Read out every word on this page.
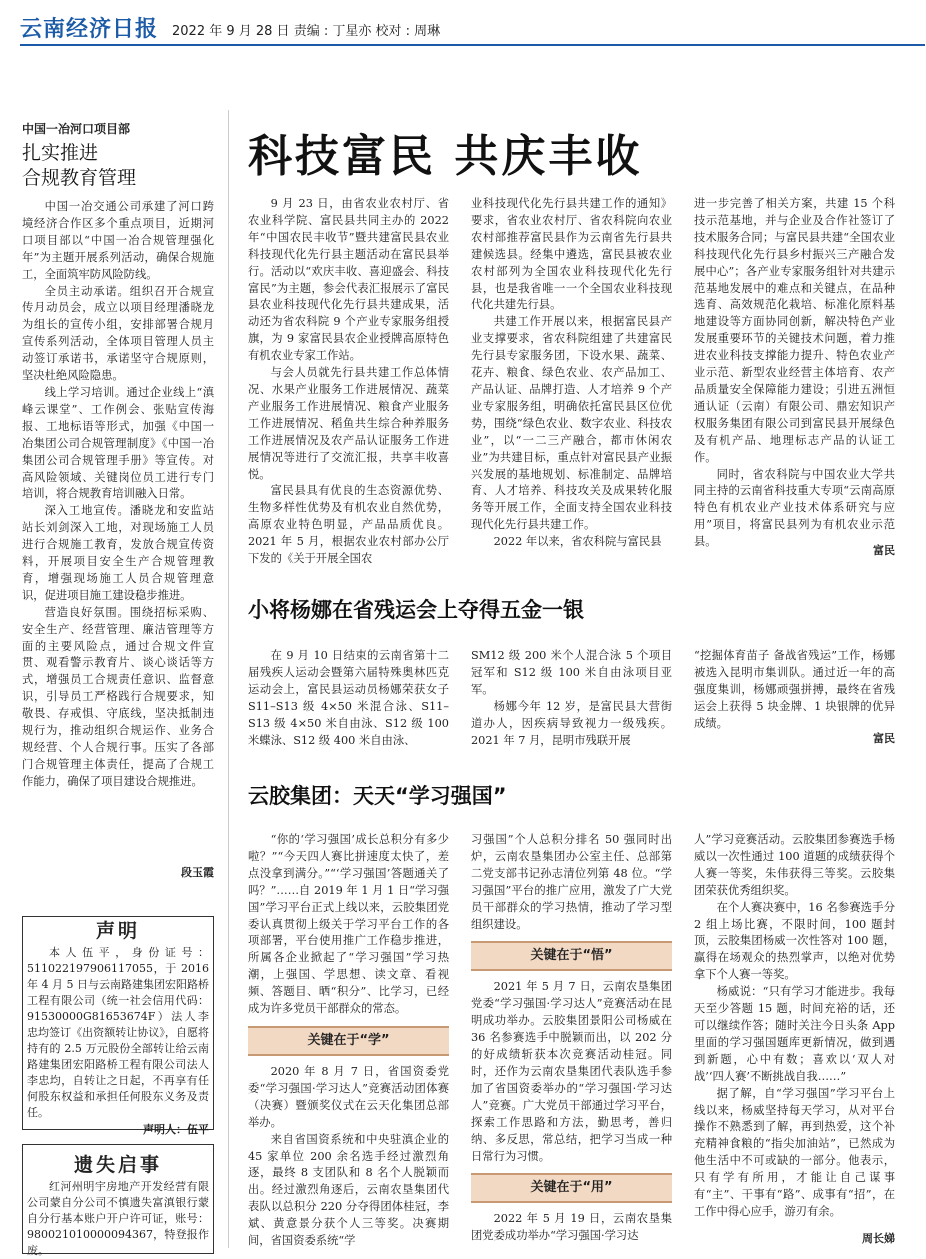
云南经济日报 2022 年 9 月 28 日 责编 : 丁星亦 校对 : 周琳
中国一冶河口项目部
扎实推进
合规教育管理

中国一冶交通公司承建了河口跨境经济合作区多个重点项目，近期河口项目部以“中国一冶合规管理强化年”为主题开展系列活动，确保合规施工，全面筑牢防风险防线。

全员主动承诺。组织召开合规宣传月动员会，成立以项目经理潘晓龙为组长的宣传小组，安排部署合规月宣传系列活动，全体项目管理人员主动签订承诺书，承诺坚守合规原则，坚决杜绝风险隐患。

线上学习培训。通过企业线上“滇峰云课堂”、工作例会、张贴宣传海报、工地标语等形式，加强《中国一冶集团公司合规管理制度》《中国一冶集团公司合规管理手册》等宣传。对高风险领域、关键岗位员工进行专门培训，将合规教育培训融入日常。

深入工地宣传。潘晓龙和安监站站长刘剑深入工地，对现场施工人员进行合规施工教育，发放合规宣传资料，开展项目安全生产合规管理教育，增强现场施工人员合规管理意识，促进项目施工建设稳步推进。

营造良好氛围。围绕招标采购、安全生产、经营管理、廉洁管理等方面的主要风险点，通过合规文件宣贯、观看警示教育片、谈心谈话等方式，增强员工合规责任意识、监督意识，引导员工严格践行合规要求，知敬畏、存戒惧、守底线，坚决抵制违规行为，推动组织合规运作、业务合规经营、个人合规行事。压实了各部门合规管理主体责任，提高了合规工作能力，确保了项目建设合规推进。

段玉霞
声明

本人伍平，身份证号：511022197906117055，于 2016 年 4 月 5 日与云南路建集团宏阳路桥工程有限公司（统一社会信用代码：91530000G81653674F）法人李忠均签订《出资额转让协议》，自愿将持有的 2.5 万元股份全部转让给云南路建集团宏阳路桥工程有限公司法人李忠均，自转让之日起，不再享有任何股东权益和承担任何股东义务及责任。

声明人：伍平
遗失启事

红河州明宇房地产开发经营有限公司蒙自分公司不慎遗失富滇银行蒙自分行基本账户开户许可证，账号：980021010000094367，特登报作废。

科技富民 共庆丰收

9 月 23 日，由省农业农村厅、省农业科学院、富民县共同主办的 2022 年“中国农民丰收节”暨共建富民县农业科技现代化先行县主题活动在富民县举行。活动以“欢庆丰收、喜迎盛会、科技富民”为主题，参会代表汇报展示了富民县农业科技现代化先行县共建成果，活动还为省农科院 9 个产业专家服务组授旗，为 9 家富民县农企业授牌高原特色有机农业专家工作站。

与会人员就先行县共建工作总体情况、水果产业服务工作进展情况、蔬菜产业服务工作进展情况、粮食产业服务工作进展情况、稻鱼共生综合种养服务工作进展情况及农产品认证服务工作进展情况等进行了交流汇报，共享丰收喜悦。

富民县具有优良的生态资源优势、生物多样性优势及有机农业自然优势，高原农业特色明显，产品品质优良。2021 年 5 月，根据农业农村部办公厅下发的《关于开展全国农

业科技现代化先行县共建工作的通知》要求，省农业农村厅、省农科院向农业农村部推荐富民县作为云南省先行县共建候选县。经集中遴选，富民县被农业农村部列为全国农业科技现代化先行县，也是我省唯一一个全国农业科技现代化共建先行县。

共建工作开展以来，根据富民县产业支撑要求，省农科院组建了共建富民先行县专家服务团，下设水果、蔬菜、花卉、粮食、绿色农业、农产品加工、产品认证、品牌打造、人才培养 9 个产业专家服务组，明确依托富民县区位优势，围绕“绿色农业、数字农业、科技农业”，以“一二三产融合，都市休闲农业”为共建目标，重点针对富民县产业振兴发展的基地规划、标准制定、品牌培育、人才培养、科技攻关及成果转化服务等开展工作，全面支持全国农业科技现代化先行县共建工作。

2022 年以来，省农科院与富民县

进一步完善了相关方案，共建 15 个科技示范基地，并与企业及合作社签订了技术服务合同；与富民县共建“全国农业科技现代化先行县乡村振兴三产融合发展中心”；各产业专家服务组针对共建示范基地发展中的难点和关键点，在品种选育、高效规范化栽培、标准化原料基地建设等方面协同创新，解决特色产业发展重要环节的关键技术问题，着力推进农业科技支撑能力提升、特色农业产业示范、新型农业经营主体培育、农产品质量安全保障能力建设；引进五洲恒通认证（云南）有限公司、鼎宏知识产权服务集团有限公司到富民县开展绿色及有机产品、地理标志产品的认证工作。

同时，省农科院与中国农业大学共同主持的云南省科技重大专项“云南高原特色有机农业产业技术体系研究与应用”项目，将富民县列为有机农业示范县。

富民
小将杨娜在省残运会上夺得五金一银

在 9 月 10 日结束的云南省第十二届残疾人运动会暨第六届特殊奥林匹克运动会上，富民县运动员杨娜荣获女子 S11–S13 级 4×50 米混合泳、S11–S13 级 4×50 米自由泳、S12 级 100 米蝶泳、S12 级 400 米自由泳、

SM12 级 200 米个人混合泳 5 个项目冠军和 S12 级 100 米自由泳项目亚军。

杨娜今年 12 岁，是富民县大营街道办人，因疾病导致视力一级残疾。2021 年 7 月，昆明市残联开展

“挖掘体育苗子 备战省残运”工作，杨娜被选入昆明市集训队。通过近一年的高强度集训，杨娜顽强拼搏，最终在省残运会上获得 5 块金牌、1 块银牌的优异成绩。

富民
云胶集团：天天“学习强国”

“你的‘学习强国’成长总积分有多少啦？”“今天四人赛比拼速度太快了，差点没拿到满分。”“‘学习强国’答题通关了吗？”……自 2019 年 1 月 1 日“学习强国”学习平台正式上线以来，云胶集团党委认真贯彻上级关于学习平台工作的各项部署，平台使用推广工作稳步推进，所属各企业掀起了“学习强国”学习热潮，上强国、学思想、读文章、看视频、答题目、晒“积分”、比学习，已经成为许多党员干部群众的常态。

关键在于“学”

2020 年 8 月 7 日，省国资委党委“学习强国·学习达人”竞赛活动团体赛（决赛）暨颁奖仪式在云天化集团总部举办。

来自省国资系统和中央驻滇企业的 45 家单位 200 余名选手经过激烈角逐，最终 8 支团队和 8 名个人脱颖而出。经过激烈角逐后，云南农垦集团代表队以总积分 220 分夺得团体桂冠，李斌、黄意景分获个人三等奖。决赛期间，省国资委系统“学

习强国”个人总积分排名 50 强同时出炉，云南农垦集团办公室主任、总部第二党支部书记孙志清位列第 48 位。“学习强国”平台的推广应用，激发了广大党员干部群众的学习热情，推动了学习型组织建设。

关键在于“悟”

2021 年 5 月 7 日，云南农垦集团党委“学习强国·学习达人”竞赛活动在昆明成功举办。云胶集团景阳公司杨威在 36 名参赛选手中脱颖而出，以 202 分的好成绩斩获本次竞赛活动桂冠。同时，还作为云南农垦集团代表队选手参加了省国资委举办的“学习强国·学习达人”竞赛。广大党员干部通过学习平台，探索工作思路和方法，勤思考，善归纳、多反思，常总结，把学习当成一种日常行为习惯。

关键在于“用”

2022 年 5 月 19 日，云南农垦集团党委成功举办“学习强国·学习达

人”学习竞赛活动。云胶集团参赛选手杨威以一次性通过 100 道题的成绩获得个人赛一等奖，朱伟获得三等奖。云胶集团荣获优秀组织奖。

在个人赛决赛中，16 名参赛选手分 2 组上场比赛，不限时间，100 题封顶，云胶集团杨威一次性答对 100 题，赢得在场观众的热烈掌声，以绝对优势拿下个人赛一等奖。

杨威说：“只有学习才能进步。我每天至少答题 15 题，时间充裕的话，还可以继续作答；随时关注今日头条 App 里面的学习强国题库更新情况，做到遇到新题，心中有数；喜欢以‘双人对战’‘四人赛’不断挑战自我……”

据了解，自“学习强国”学习平台上线以来，杨威坚持每天学习，从对平台操作不熟悉到了解，再到热爱，这个补充精神食粮的“指尖加油站”，已然成为他生活中不可或缺的一部分。他表示，只有学有所用，才能让自己谋事有“主”、干事有“路”、成事有“招”，在工作中得心应手，游刃有余。

周长娣
